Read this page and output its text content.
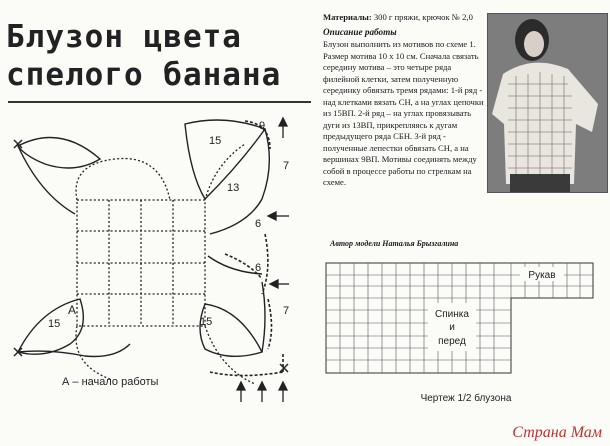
Блузон цвета
спелого банана
9
7
15
13
6
6
7
15	15
А
А – начало работы
Материалы: 300 г пряжи, крючок № 2,0
Описание работы
Блузон выполнить из мотивов по схеме 1. Размер мотива 10 х 10 см. Сначала связать середину мотива – это четыре ряда филейной клетки, затем полученную серединку обвязать тремя рядами: 1-й ряд - над клетками вязать СН, а на углах цепочки из 15ВП. 2-й ряд – на углах провязывать дуги из 13ВП, прикрепляясь к дугам предыдущего ряда СБН. 3-й ряд - полученные лепестки обвязать СН, а на вершинах 9ВП. Мотивы соединять между собой в процессе работы по стрелкам на схеме.
Автор модели Наталья Брызгалина
Рукав
Спинка
и
перед
Чертеж 1/2 блузона
Страна Мам
